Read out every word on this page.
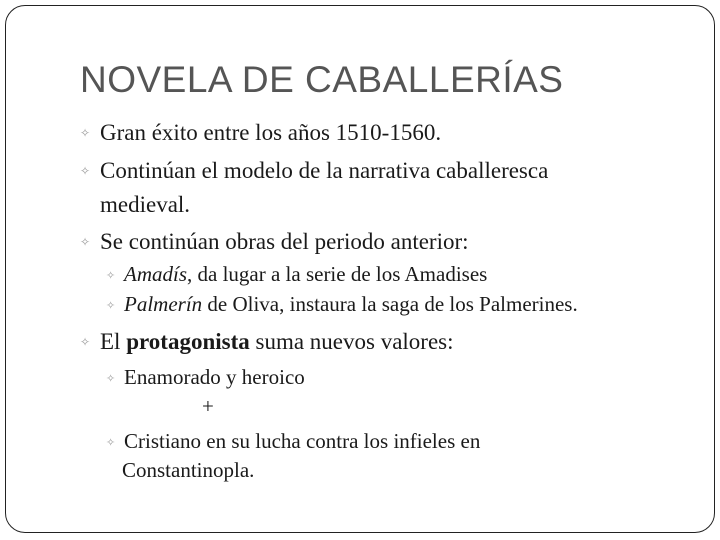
NOVELA DE CABALLERÍAS
✧ Gran éxito entre los años 1510-1560.
✧ Continúan el modelo de la narrativa caballeresca
medieval.
✧ Se continúan obras del periodo anterior:
✧ Amadís, da lugar a la serie de los Amadises
✧ Palmerín de Oliva, instaura la saga de los Palmerines.
✧ El protagonista suma nuevos valores:
✧ Enamorado y heroico
+
✧ Cristiano en su lucha contra los infieles en
Constantinopla.
